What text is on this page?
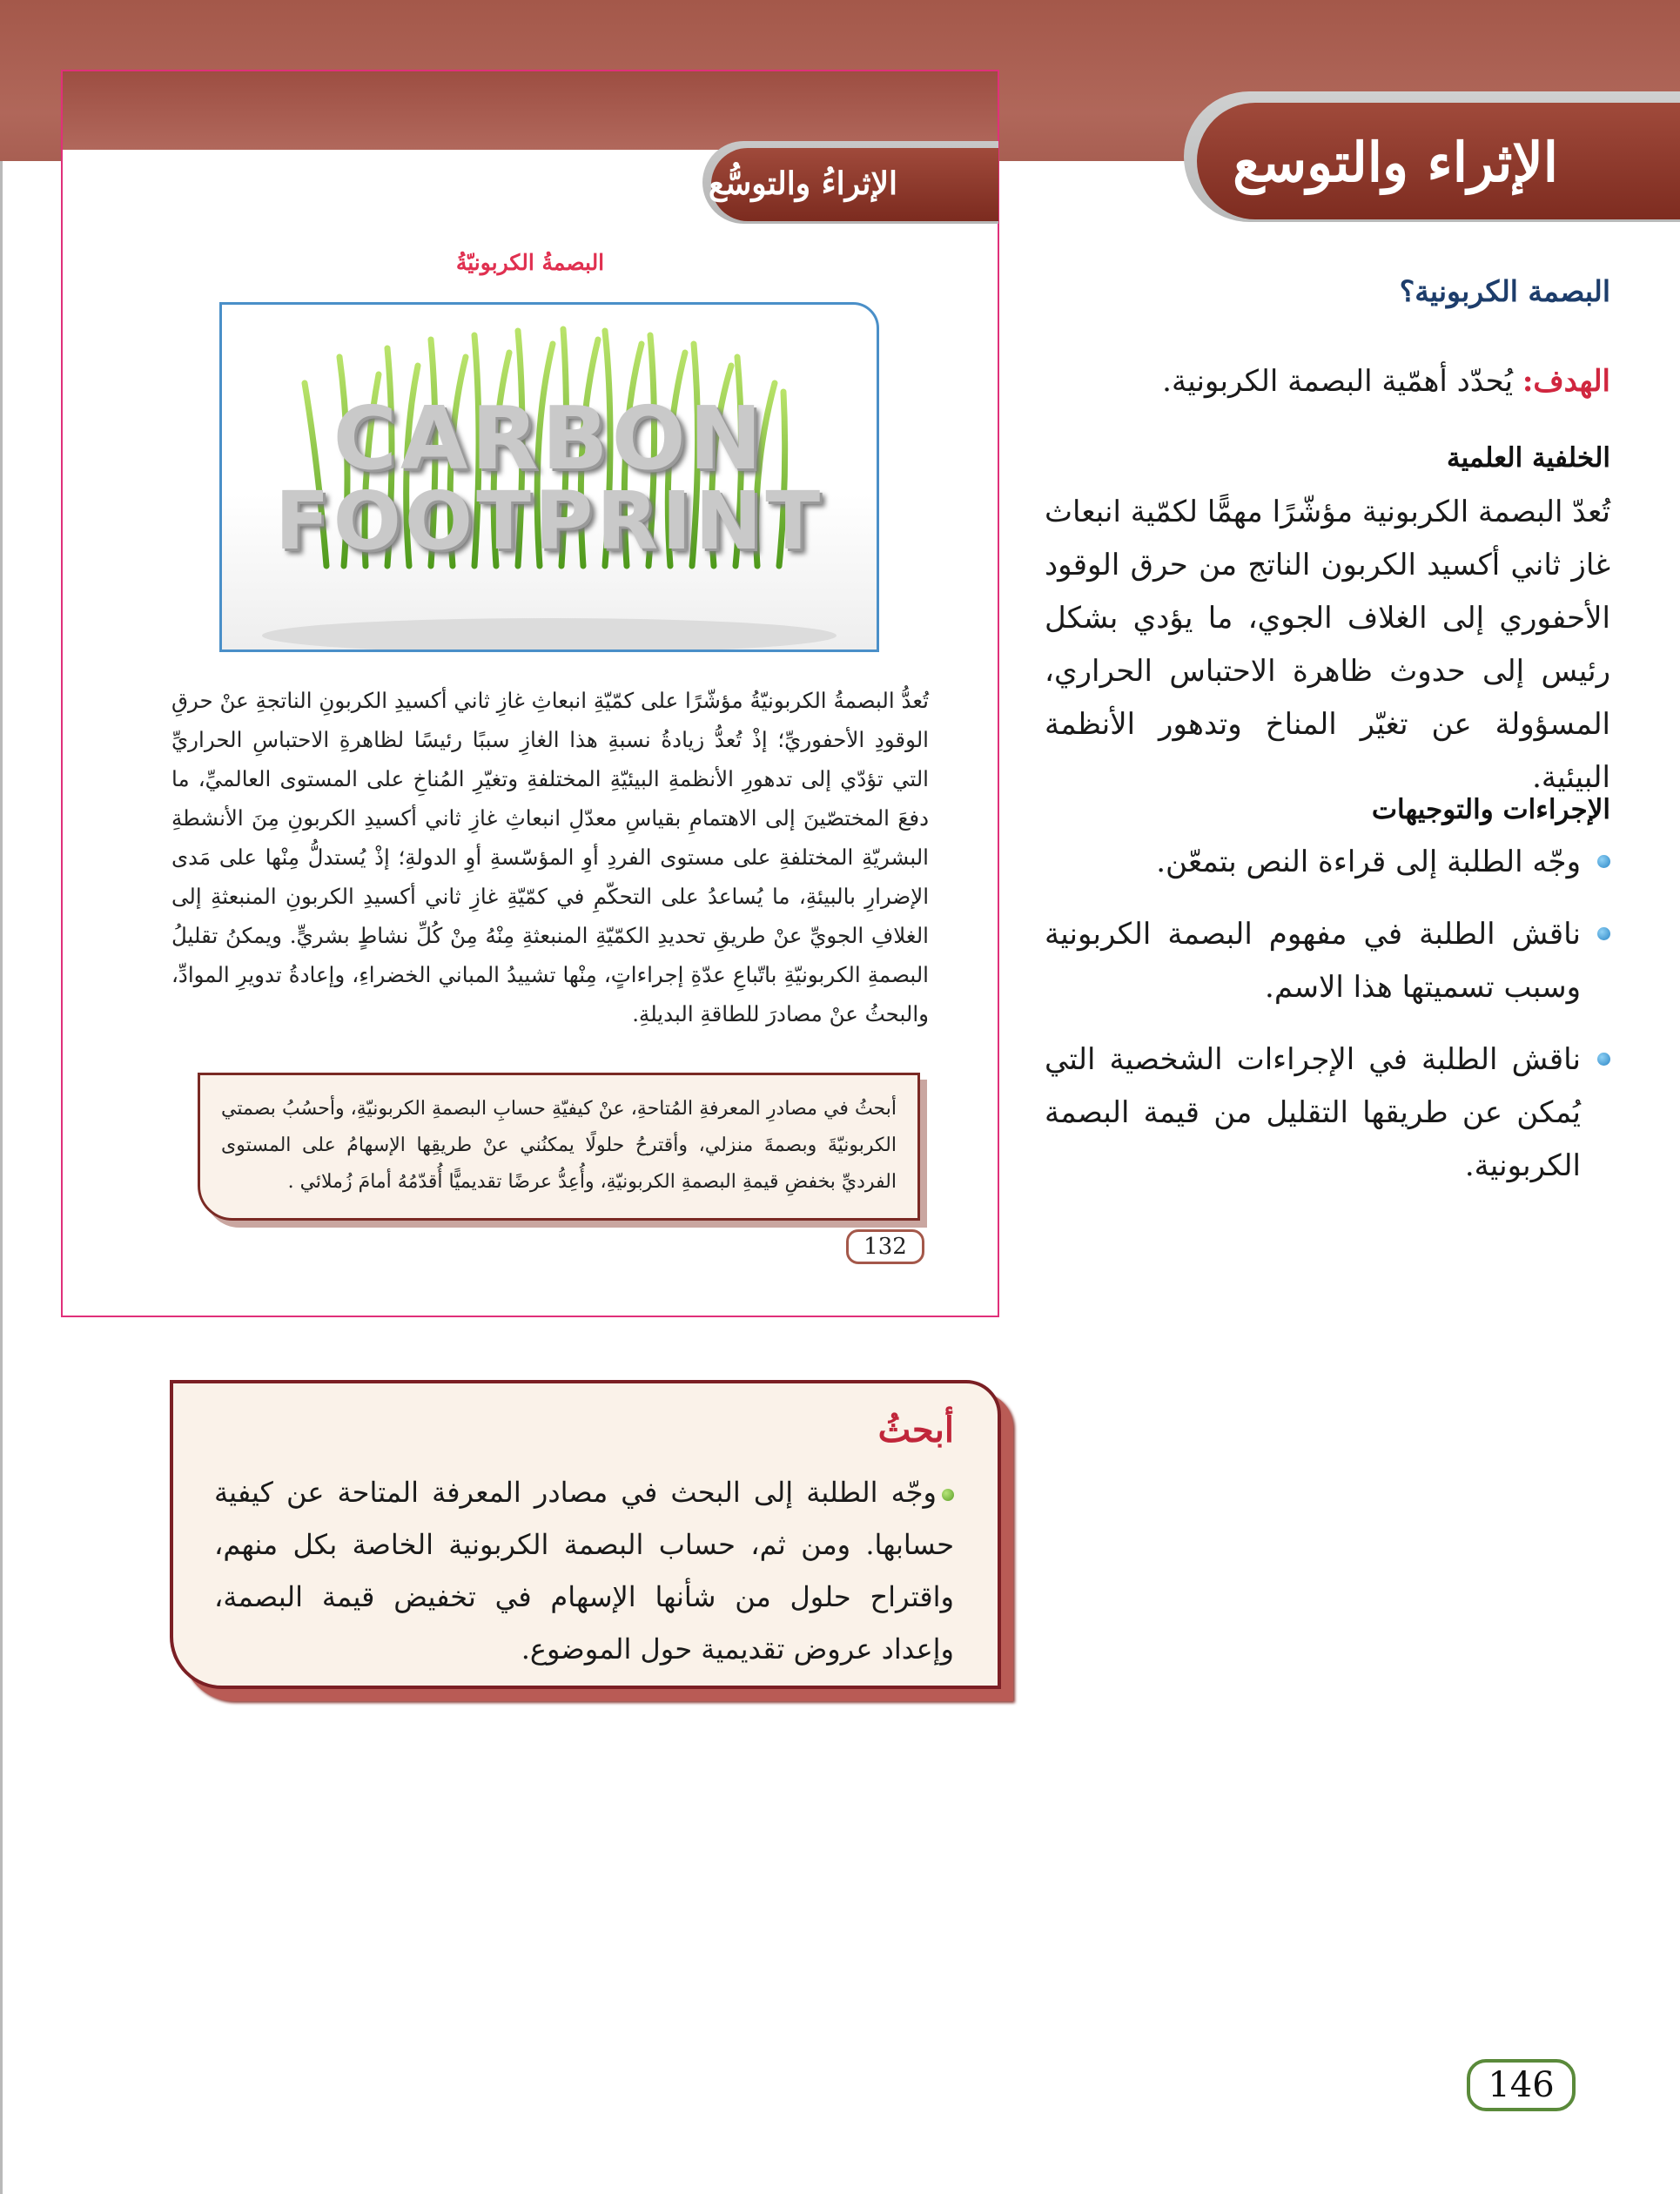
الإثراء والتوسع
الإثراءُ والتوسُّع
البصمةُ الكربونيّةُ
CARBON
FOOTPRINT
تُعدُّ البصمةُ الكربونيّةُ مؤشّرًا على كمّيّةِ انبعاثِ غازِ ثاني أكسيدِ الكربونِ الناتجةِ عنْ حرقِ الوقودِ الأحفوريِّ؛ إذْ تُعدُّ زيادةُ نسبةِ هذا الغازِ سببًا رئيسًا لظاهرةِ الاحتباسِ الحراريِّ التي تؤدّي إلى تدهورِ الأنظمةِ البيئيّةِ المختلفةِ وتغيّرِ المُناخِ على المستوى العالميِّ، ما دفعَ المختصّينَ إلى الاهتمامِ بقياسِ معدّلِ انبعاثِ غازِ ثاني أكسيدِ الكربونِ مِنَ الأنشطةِ البشريّةِ المختلفةِ على مستوى الفردِ أوِ المؤسّسةِ أوِ الدولةِ؛ إذْ يُستدلُّ مِنْها على مَدى الإضرارِ بالبيئةِ، ما يُساعدُ على التحكّمِ في كمّيّةِ غازِ ثاني أكسيدِ الكربونِ المنبعثةِ إلى الغلافِ الجويِّ عنْ طريقِ تحديدِ الكمّيّةِ المنبعثةِ مِنْهُ مِنْ كُلِّ نشاطٍ بشريٍّ. ويمكنُ تقليلُ البصمةِ الكربونيّةِ باتّباعِ عدّةِ إجراءاتٍ، مِنْها تشييدُ المباني الخضراءِ، وإعادةُ تدويرِ الموادِّ، والبحثُ عنْ مصادرَ للطاقةِ البديلةِ.

أبحثُ في مصادرِ المعرفةِ المُتاحةِ، عنْ كيفيّةِ حسابِ البصمةِ الكربونيّةِ، وأحسُبُ بصمتي الكربونيّةَ وبصمةَ منزلي، وأقترحُ حلولًا يمكنُني عنْ طريقِها الإسهامُ على المستوى الفرديِّ بخفضِ قيمةِ البصمةِ الكربونيّةِ، وأُعِدُّ عرضًا تقديميًّا أُقدّمُهُ أمامَ زُملائي .

132
البصمة الكربونية؟
الهدف: يُحدّد أهمّية البصمة الكربونية.
الخلفية العلمية
تُعدّ البصمة الكربونية مؤشّرًا مهمًّا لكمّية انبعاث غاز ثاني أكسيد الكربون الناتج من حرق الوقود الأحفوري إلى الغلاف الجوي، ما يؤدي بشكل رئيس إلى حدوث ظاهرة الاحتباس الحراري، المسؤولة عن تغيّر المناخ وتدهور الأنظمة البيئية.
الإجراءات والتوجيهات
وجّه الطلبة إلى قراءة النص بتمعّن.
ناقش الطلبة في مفهوم البصمة الكربونية وسبب تسميتها هذا الاسم.
ناقش الطلبة في الإجراءات الشخصية التي يُمكن عن طريقها التقليل من قيمة البصمة الكربونية.
أبحثُ
وجّه الطلبة إلى البحث في مصادر المعرفة المتاحة عن كيفية حسابها. ومن ثم، حساب البصمة الكربونية الخاصة بكل منهم، واقتراح حلول من شأنها الإسهام في تخفيض قيمة البصمة، وإعداد عروض تقديمية حول الموضوع.
146
